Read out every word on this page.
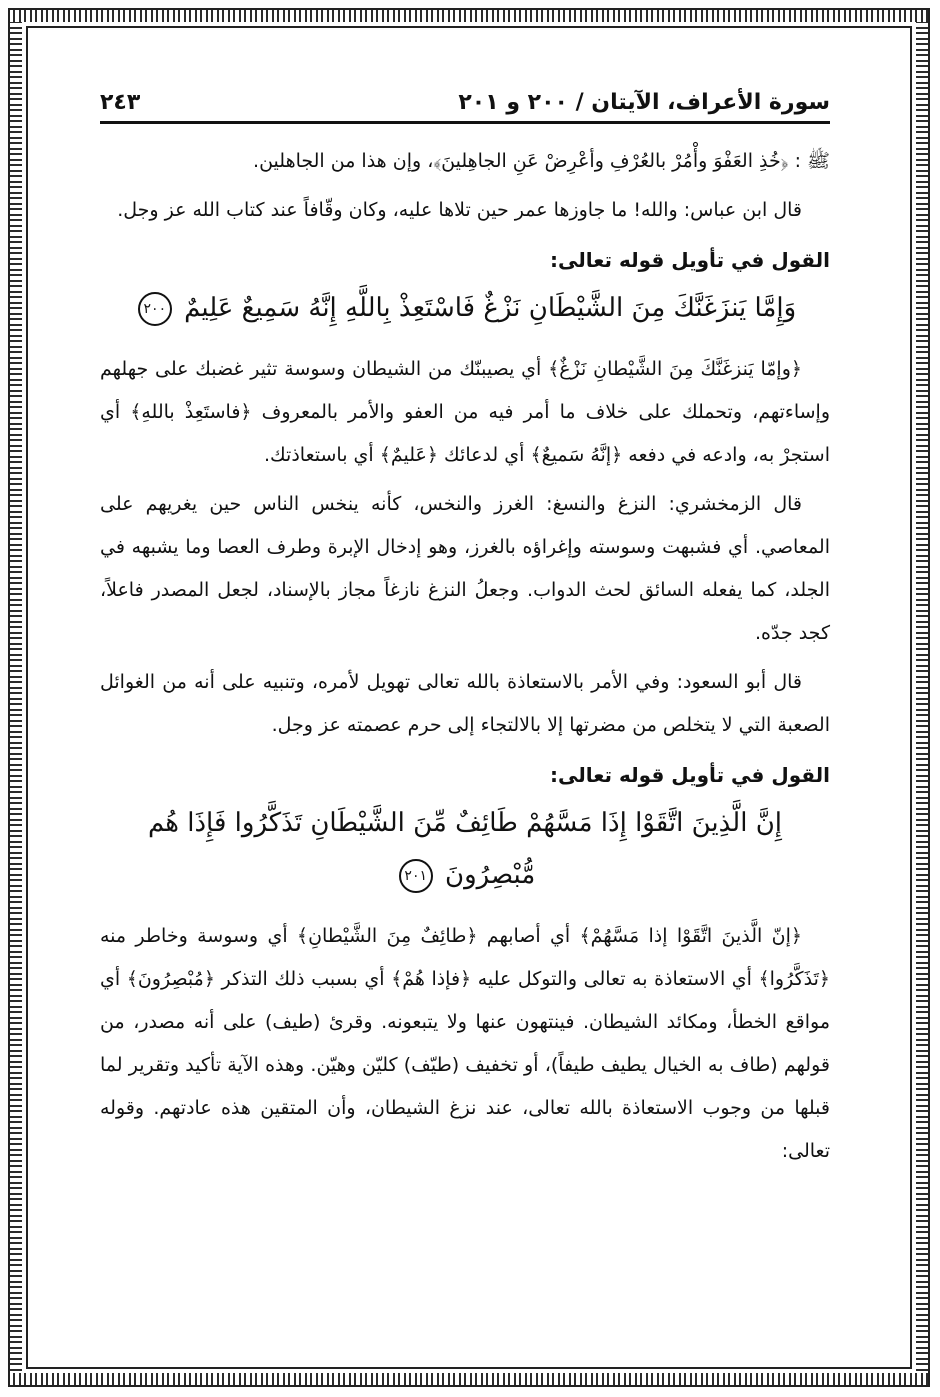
سورة الأعراف، الآيتان / ٢٠٠ و ٢٠١
٢٤٣

ﷺ : ﴿خُذِ العَفْوَ وأْمُرْ بالعُرْفِ وأعْرِضْ عَنِ الجاهِلينَ﴾، وإن هذا من الجاهلين.

قال ابن عباس: والله! ما جاوزها عمر حين تلاها عليه، وكان وقّافاً عند كتاب الله عز وجل.

القول في تأويل قوله تعالى:
وَإِمَّا يَنزَغَنَّكَ مِنَ الشَّيْطَانِ نَزْغٌ فَاسْتَعِذْ بِاللَّهِ إِنَّهُ سَمِيعٌ عَلِيمٌ ٢٠٠

﴿وإمّا يَنزغَنَّكَ مِنَ الشَّيْطانِ نَزْغٌ﴾ أي يصيبنّك من الشيطان وسوسة تثير غضبك على جهلهم وإساءتهم، وتحملك على خلاف ما أمر فيه من العفو والأمر بالمعروف ﴿فاستَعِذْ باللهِ﴾ أي استجرْ به، وادعه في دفعه ﴿إنَّهُ سَميعٌ﴾ أي لدعائك ﴿عَليمٌ﴾ أي باستعاذتك.

قال الزمخشري: النزغ والنسغ: الغرز والنخس، كأنه ينخس الناس حين يغريهم على المعاصي. أي فشبهت وسوسته وإغراؤه بالغرز، وهو إدخال الإبرة وطرف العصا وما يشبهه في الجلد، كما يفعله السائق لحث الدواب. وجعلُ النزغ نازغاً مجاز بالإسناد، لجعل المصدر فاعلاً، كجد جدّه.

قال أبو السعود: وفي الأمر بالاستعاذة بالله تعالى تهويل لأمره، وتنبيه على أنه من الغوائل الصعبة التي لا يتخلص من مضرتها إلا بالالتجاء إلى حرم عصمته عز وجل.

القول في تأويل قوله تعالى:
إِنَّ الَّذِينَ اتَّقَوْا إِذَا مَسَّهُمْ طَائِفٌ مِّنَ الشَّيْطَانِ تَذَكَّرُوا فَإِذَا هُم مُّبْصِرُونَ ٢٠١

﴿إنّ الَّذينَ اتَّقَوْا إذا مَسَّهُمْ﴾ أي أصابهم ﴿طائِفٌ مِنَ الشَّيْطانِ﴾ أي وسوسة وخاطر منه ﴿تَذَكَّرُوا﴾ أي الاستعاذة به تعالى والتوكل عليه ﴿فإذا هُمْ﴾ أي بسبب ذلك التذكر ﴿مُبْصِرُونَ﴾ أي مواقع الخطأ، ومكائد الشيطان. فينتهون عنها ولا يتبعونه. وقرئ (طيف) على أنه مصدر، من قولهم (طاف به الخيال يطيف طيفاً)، أو تخفيف (طيّف) كليّن وهيّن. وهذه الآية تأكيد وتقرير لما قبلها من وجوب الاستعاذة بالله تعالى، عند نزغ الشيطان، وأن المتقين هذه عادتهم. وقوله تعالى:
